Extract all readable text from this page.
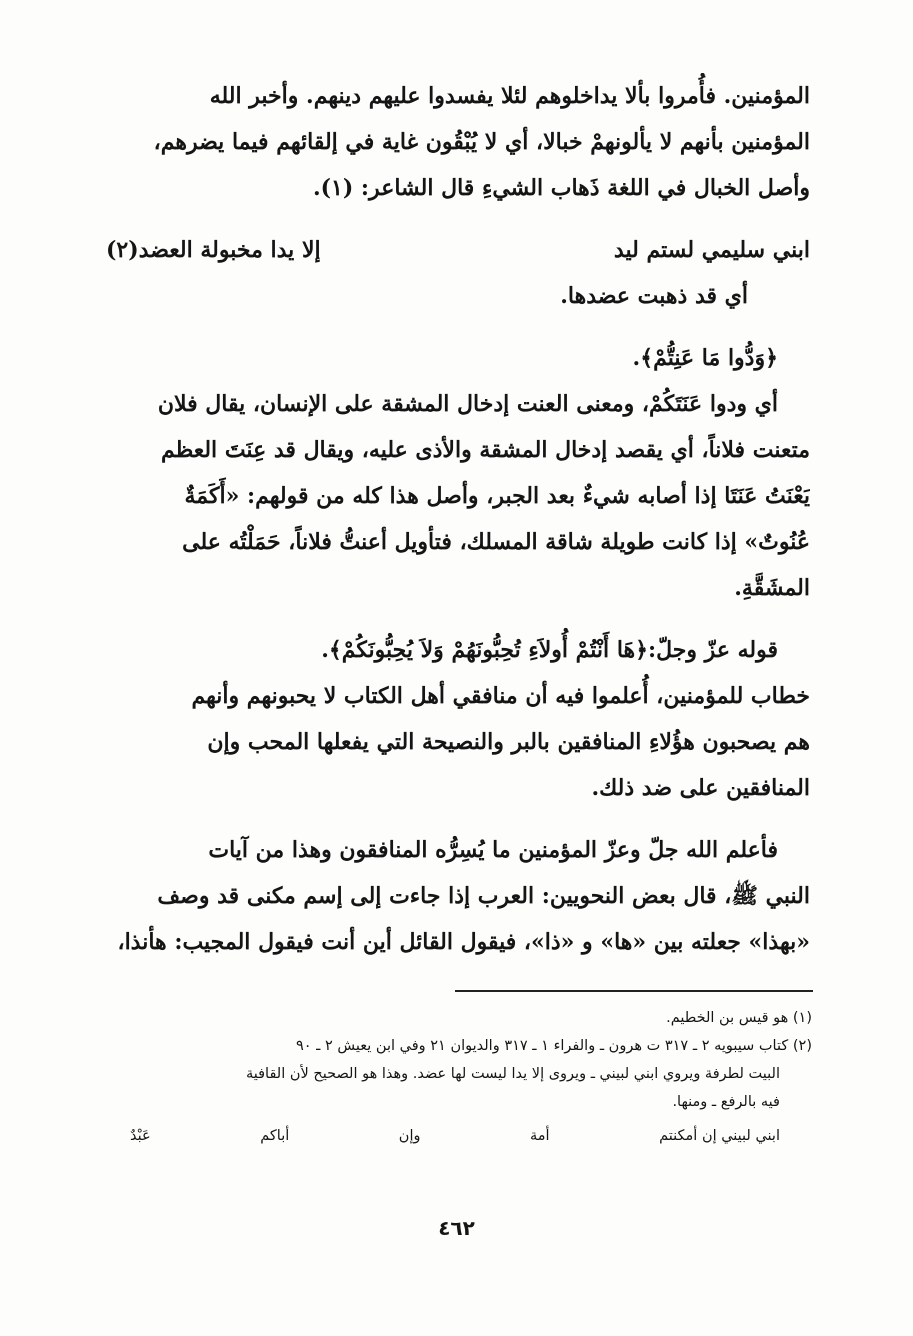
المؤمنين. فأُمروا بألا يداخلوهم لئلا يفسدوا عليهم دينهم. وأخبر الله
المؤمنين بأنهم لا يألونهمْ خبالا، أي لا يُبْقُون غاية في إلقائهم فيما يضرهم،
وأصل الخبال في اللغة ذَهاب الشيءِ قال الشاعر: (١).
ابني سليمي لستم ليد
إلا يدا مخبولة العضد(٢)
أي قد ذهبت عضدها.
﴿وَدُّوا مَا عَنِتُّمْ﴾.
أي ودوا عَنَتَكُمْ، ومعنى العنت إدخال المشقة على الإنسان، يقال فلان
متعنت فلاناً، أي يقصد إدخال المشقة والأذى عليه، ويقال قد عِنَتَ العظم
يَعْنَتُ عَنَتَا إذا أصابه شيءٌ بعد الجبر، وأصل هذا كله من قولهم: «أَكَمَةٌ
عُنُوتٌ» إذا كانت طويلة شاقة المسلك، فتأويل أعنتُّ فلاناً، حَمَلْتُه على
المشَقَّةِ.
قوله عزّ وجلّ:﴿هَا أَنْتُمْ أُولاَءِ تُحِبُّونَهُمْ وَلاَ يُحِبُّونَكُمْ﴾.
خطاب للمؤمنين، أُعلموا فيه أن منافقي أهل الكتاب لا يحبونهم وأنهم
هم يصحبون هؤُلاءِ المنافقين بالبر والنصيحة التي يفعلها المحب وإن
المنافقين على ضد ذلك.
فأعلم الله جلّ وعزّ المؤمنين ما يُسِرُّه المنافقون وهذا من آيات
النبي ﷺ، قال بعض النحويين: العرب إذا جاءت إلى إسم مكنى قد وصف
«بهذا» جعلته بين «ها» و «ذا»، فيقول القائل أين أنت فيقول المجيب: هأنذا،
(١) هو قيس بن الخطيم.
(٢) كتاب سيبويه ٢ ـ ٣١٧ ت هرون ـ والفراء ١ ـ ٣١٧ والديوان ٢١ وفي ابن يعيش ٢ ـ ٩٠
البيت لطرفة ويروي ابني لبيني ـ ويروى إلا يدا ليست لها عضد. وهذا هو الصحيح لأن القافية
فيه بالرفع ـ ومنها.
ابني لبيني إن أمكنتم
أمة
وإن
أباكم
عَبْدٌ
٤٦٢
